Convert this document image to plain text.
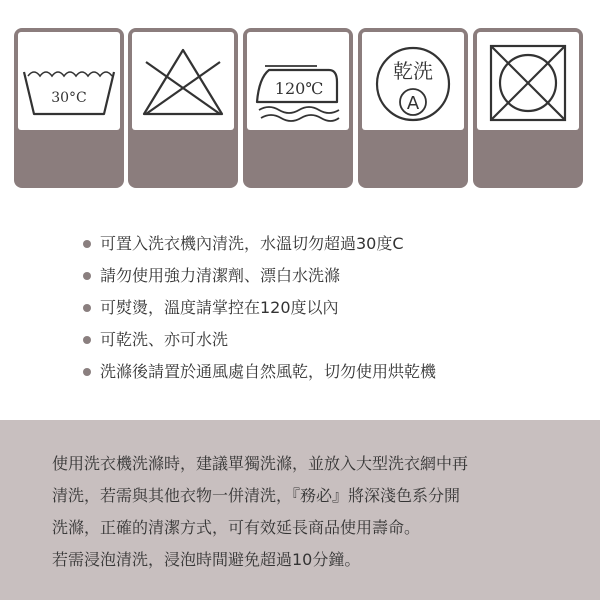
30°C	120℃
乾洗
A
可置入洗衣機內清洗，水溫切勿超過30度C
請勿使用強力清潔劑、漂白水洗滌
可熨燙，溫度請掌控在120度以內
可乾洗、亦可水洗
洗滌後請置於通風處自然風乾，切勿使用烘乾機

使用洗衣機洗滌時，建議單獨洗滌，並放入大型洗衣網中再

清洗，若需與其他衣物一併清洗，『務必』將深淺色系分開

洗滌，正確的清潔方式，可有效延長商品使用壽命。

若需浸泡清洗，浸泡時間避免超過10分鐘。
